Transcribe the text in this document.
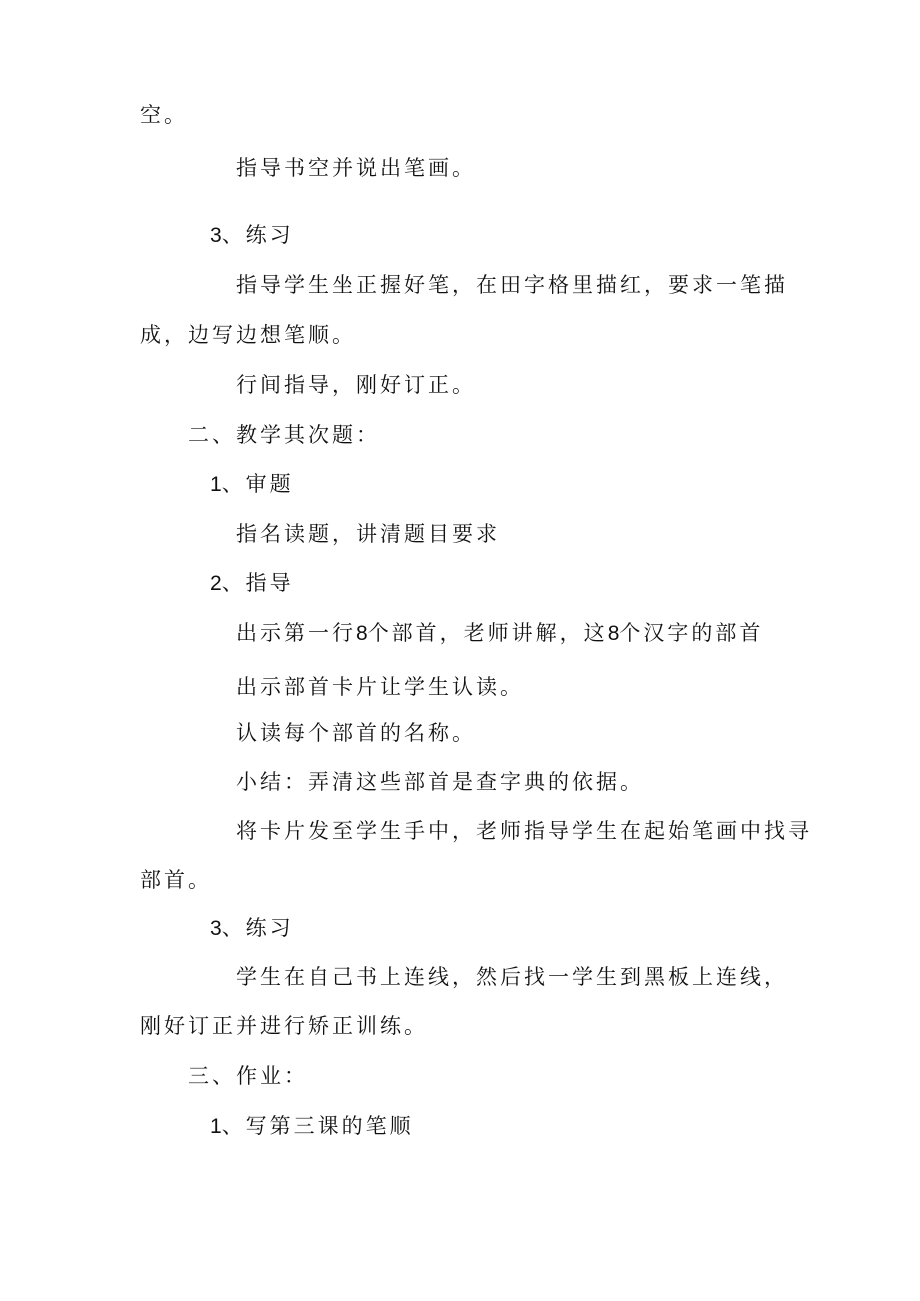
空。
指导书空并说出笔画。
3、练习
指导学生坐正握好笔，在田字格里描红，要求一笔描
成，边写边想笔顺。
行间指导，刚好订正。
二、教学其次题：
1、审题
指名读题，讲清题目要求
2、指导
出示第一行8个部首，老师讲解，这8个汉字的部首
出示部首卡片让学生认读。
认读每个部首的名称。
小结：弄清这些部首是查字典的依据。
将卡片发至学生手中，老师指导学生在起始笔画中找寻
部首。
3、练习
学生在自己书上连线，然后找一学生到黑板上连线，
刚好订正并进行矫正训练。
三、作业：
1、写第三课的笔顺
